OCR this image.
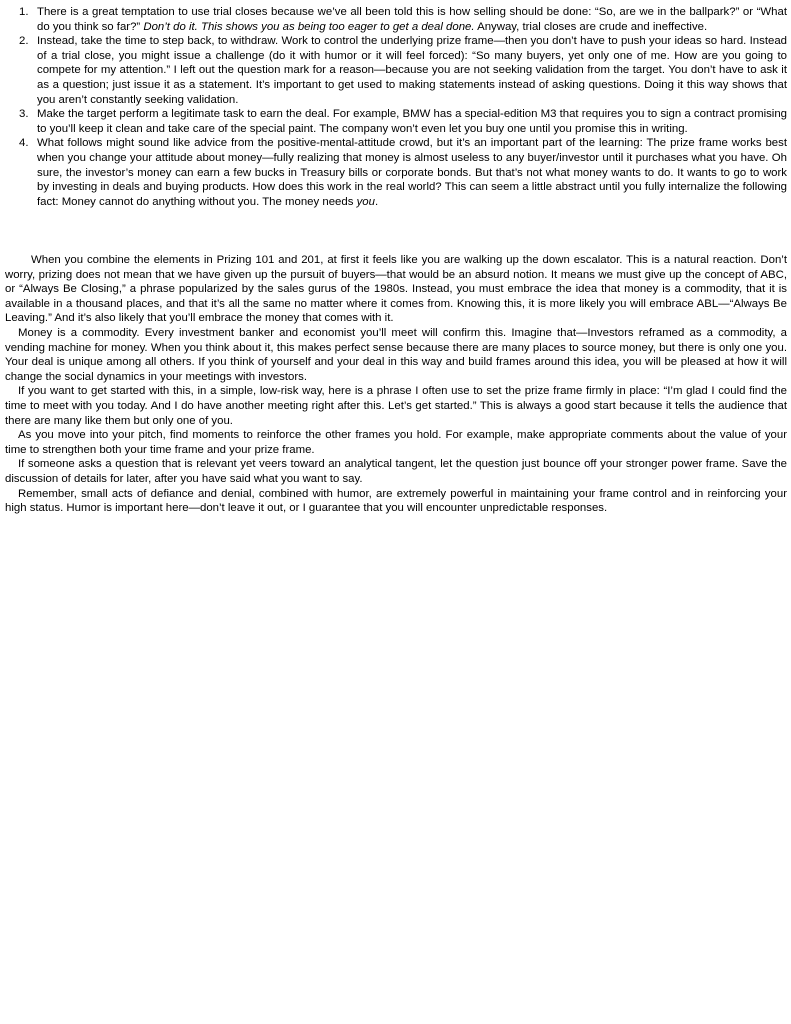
1. There is a great temptation to use trial closes because we’ve all been told this is how selling should be done: “So, are we in the ballpark?” or “What do you think so far?” Don’t do it. This shows you as being too eager to get a deal done. Anyway, trial closes are crude and ineffective.
2. Instead, take the time to step back, to withdraw. Work to control the underlying prize frame—then you don’t have to push your ideas so hard. Instead of a trial close, you might issue a challenge (do it with humor or it will feel forced): “So many buyers, yet only one of me. How are you going to compete for my attention.” I left out the question mark for a reason—because you are not seeking validation from the target. You don’t have to ask it as a question; just issue it as a statement. It’s important to get used to making statements instead of asking questions. Doing it this way shows that you aren’t constantly seeking validation.
3. Make the target perform a legitimate task to earn the deal. For example, BMW has a special-edition M3 that requires you to sign a contract promising to you’ll keep it clean and take care of the special paint. The company won’t even let you buy one until you promise this in writing.
4. What follows might sound like advice from the positive-mental-attitude crowd, but it’s an important part of the learning: The prize frame works best when you change your attitude about money—fully realizing that money is almost useless to any buyer/investor until it purchases what you have. Oh sure, the investor’s money can earn a few bucks in Treasury bills or corporate bonds. But that’s not what money wants to do. It wants to go to work by investing in deals and buying products. How does this work in the real world? This can seem a little abstract until you fully internalize the following fact: Money cannot do anything without you. The money needs you.

When you combine the elements in Prizing 101 and 201, at first it feels like you are walking up the down escalator. This is a natural reaction. Don’t worry, prizing does not mean that we have given up the pursuit of buyers—that would be an absurd notion. It means we must give up the concept of ABC, or “Always Be Closing,” a phrase popularized by the sales gurus of the 1980s. Instead, you must embrace the idea that money is a commodity, that it is available in a thousand places, and that it’s all the same no matter where it comes from. Knowing this, it is more likely you will embrace ABL—“Always Be Leaving.” And it’s also likely that you’ll embrace the money that comes with it.

Money is a commodity. Every investment banker and economist you’ll meet will confirm this. Imagine that—Investors reframed as a commodity, a vending machine for money. When you think about it, this makes perfect sense because there are many places to source money, but there is only one you. Your deal is unique among all others. If you think of yourself and your deal in this way and build frames around this idea, you will be pleased at how it will change the social dynamics in your meetings with investors.

If you want to get started with this, in a simple, low-risk way, here is a phrase I often use to set the prize frame firmly in place: “I’m glad I could find the time to meet with you today. And I do have another meeting right after this. Let’s get started.” This is always a good start because it tells the audience that there are many like them but only one of you.

As you move into your pitch, find moments to reinforce the other frames you hold. For example, make appropriate comments about the value of your time to strengthen both your time frame and your prize frame.

If someone asks a question that is relevant yet veers toward an analytical tangent, let the question just bounce off your stronger power frame. Save the discussion of details for later, after you have said what you want to say.

Remember, small acts of defiance and denial, combined with humor, are extremely powerful in maintaining your frame control and in reinforcing your high status. Humor is important here—don’t leave it out, or I guarantee that you will encounter unpredictable responses.
